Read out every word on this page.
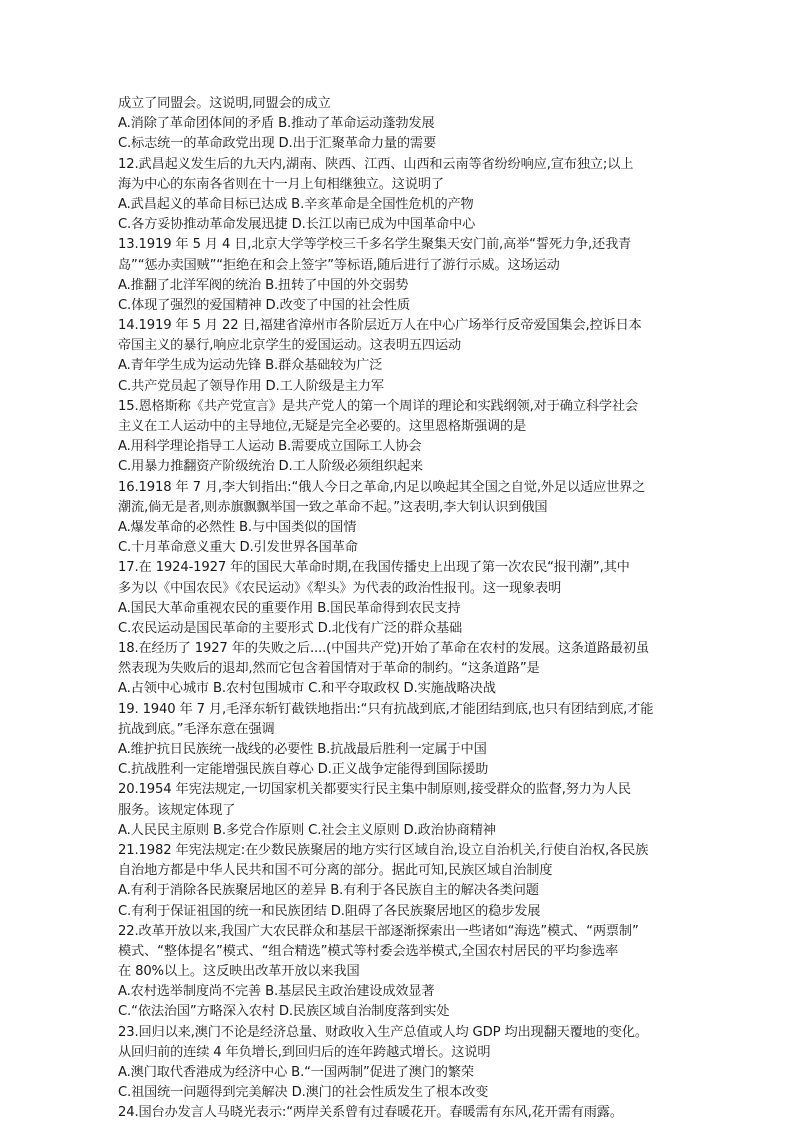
成立了同盟会。这说明,同盟会的成立
A.消除了革命团体间的矛盾 B.推动了革命运动蓬勃发展
C.标志统一的革命政党出现 D.出于汇聚革命力量的需要
12.武昌起义发生后的九天内,湖南、陕西、江西、山西和云南等省纷纷响应,宣布独立;以上
海为中心的东南各省则在十一月上旬相继独立。这说明了
A.武昌起义的革命目标已达成 B.辛亥革命是全国性危机的产物
C.各方妥协推动革命发展迅捷 D.长江以南已成为中国革命中心
13.1919 年 5 月 4 日,北京大学等学校三千多名学生聚集天安门前,高举“誓死力争,还我青
岛”“惩办卖国贼”“拒绝在和会上签字”等标语,随后进行了游行示威。这场运动
A.推翻了北洋军阀的统治 B.扭转了中国的外交弱势
C.体现了强烈的爱国精神 D.改变了中国的社会性质
14.1919 年 5 月 22 日,福建省漳州市各阶层近万人在中心广场举行反帝爱国集会,控诉日本
帝国主义的暴行,响应北京学生的爱国运动。这表明五四运动
A.青年学生成为运动先锋 B.群众基础较为广泛
C.共产党员起了领导作用 D.工人阶级是主力军
15.恩格斯称《共产党宣言》是共产党人的第一个周详的理论和实践纲领,对于确立科学社会
主义在工人运动中的主导地位,无疑是完全必要的。这里恩格斯强调的是
A.用科学理论指导工人运动 B.需要成立国际工人协会
C.用暴力推翻资产阶级统治 D.工人阶级必须组织起来
16.1918 年 7 月,李大钊指出:“俄人今日之革命,内足以唤起其全国之自觉,外足以适应世界之
潮流,倘无是者,则赤旗飘飘举国一致之革命不起。”这表明,李大钊认识到俄国
A.爆发革命的必然性 B.与中国类似的国情
C.十月革命意义重大 D.引发世界各国革命
17.在 1924-1927 年的国民大革命时期,在我国传播史上出现了第一次农民“报刊潮”,其中
多为以《中国农民》《农民运动》《犁头》为代表的政治性报刊。这一现象表明
A.国民大革命重视农民的重要作用 B.国民革命得到农民支持
C.农民运动是国民革命的主要形式 D.北伐有广泛的群众基础
18.在经历了 1927 年的失败之后....(中国共产党)开始了革命在农村的发展。这条道路最初虽
然表现为失败后的退却,然而它包含着国情对于革命的制约。“这条道路”是
A.占领中心城市 B.农村包围城市 C.和平夺取政权 D.实施战略决战
19. 1940 年 7 月,毛泽东斩钉截铁地指出:“只有抗战到底,才能团结到底,也只有团结到底,才能
抗战到底。”毛泽东意在强调
A.维护抗日民族统一战线的必要性 B.抗战最后胜利一定属于中国
C.抗战胜利一定能增强民族自尊心 D.正义战争定能得到国际援助
20.1954 年宪法规定,一切国家机关都要实行民主集中制原则,接受群众的监督,努力为人民
服务。该规定体现了
A.人民民主原则 B.多党合作原则 C.社会主义原则 D.政治协商精神
21.1982 年宪法规定:在少数民族聚居的地方实行区域自治,设立自治机关,行使自治权,各民族
自治地方都是中华人民共和国不可分离的部分。据此可知,民族区域自治制度
A.有利于消除各民族聚居地区的差异 B.有利于各民族自主的解决各类问题
C.有利于保证祖国的统一和民族团结 D.阻碍了各民族聚居地区的稳步发展
22.改革开放以来,我国广大农民群众和基层干部逐渐探索出一些诸如“海选”模式、“两票制”
模式、“整体提名”模式、“组合精选”模式等村委会选举模式,全国农村居民的平均参选率
在 80%以上。这反映出改革开放以来我国
A.农村选举制度尚不完善 B.基层民主政治建设成效显著
C.“依法治国”方略深入农村 D.民族区域自治制度落到实处
23.回归以来,澳门不论是经济总量、财政收入生产总值或人均 GDP 均出现翻天覆地的变化。
从回归前的连续 4 年负增长,到回归后的连年跨越式增长。这说明
A.澳门取代香港成为经济中心 B.“一国两制”促进了澳门的繁荣
C.祖国统一问题得到完美解决 D.澳门的社会性质发生了根本改变
24.国台办发言人马晓光表示:“两岸关系曾有过春暖花开。春暖需有东风,花开需有雨露。
